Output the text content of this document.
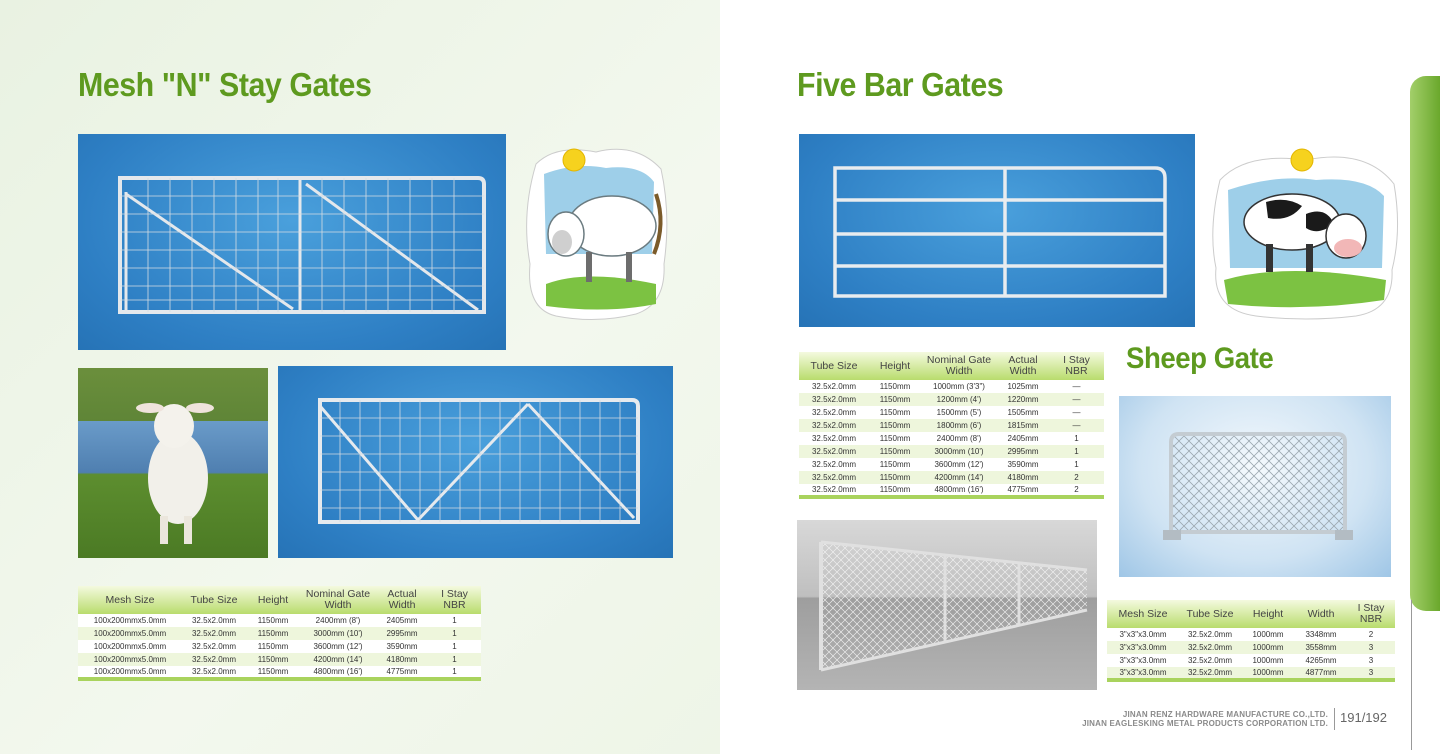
Mesh "N" Stay Gates
Mesh Size	Tube Size	Height	Nominal Gate Width	Actual Width	I Stay NBR
100x200mmx5.0mm	32.5x2.0mm	1150mm	2400mm (8')	2405mm	1
100x200mmx5.0mm	32.5x2.0mm	1150mm	3000mm (10')	2995mm	1
100x200mmx5.0mm	32.5x2.0mm	1150mm	3600mm (12')	3590mm	1
100x200mmx5.0mm	32.5x2.0mm	1150mm	4200mm (14')	4180mm	1
100x200mmx5.0mm	32.5x2.0mm	1150mm	4800mm (16')	4775mm	1
Five Bar Gates
Tube Size	Height	Nominal Gate Width	Actual Width	I Stay NBR
32.5x2.0mm	1150mm	1000mm (3'3")	1025mm	—
32.5x2.0mm	1150mm	1200mm (4')	1220mm	—
32.5x2.0mm	1150mm	1500mm (5')	1505mm	—
32.5x2.0mm	1150mm	1800mm (6')	1815mm	—
32.5x2.0mm	1150mm	2400mm (8')	2405mm	1
32.5x2.0mm	1150mm	3000mm (10')	2995mm	1
32.5x2.0mm	1150mm	3600mm (12')	3590mm	1
32.5x2.0mm	1150mm	4200mm (14')	4180mm	2
32.5x2.0mm	1150mm	4800mm (16')	4775mm	2
Sheep Gate
Mesh Size	Tube Size	Height	Width	I Stay NBR
3"x3"x3.0mm	32.5x2.0mm	1000mm	3348mm	2
3"x3"x3.0mm	32.5x2.0mm	1000mm	3558mm	3
3"x3"x3.0mm	32.5x2.0mm	1000mm	4265mm	3
3"x3"x3.0mm	32.5x2.0mm	1000mm	4877mm	3
JINAN RENZ HARDWARE MANUFACTURE CO.,LTD.
JINAN EAGLESKING METAL PRODUCTS CORPORATION LTD. 191/192
